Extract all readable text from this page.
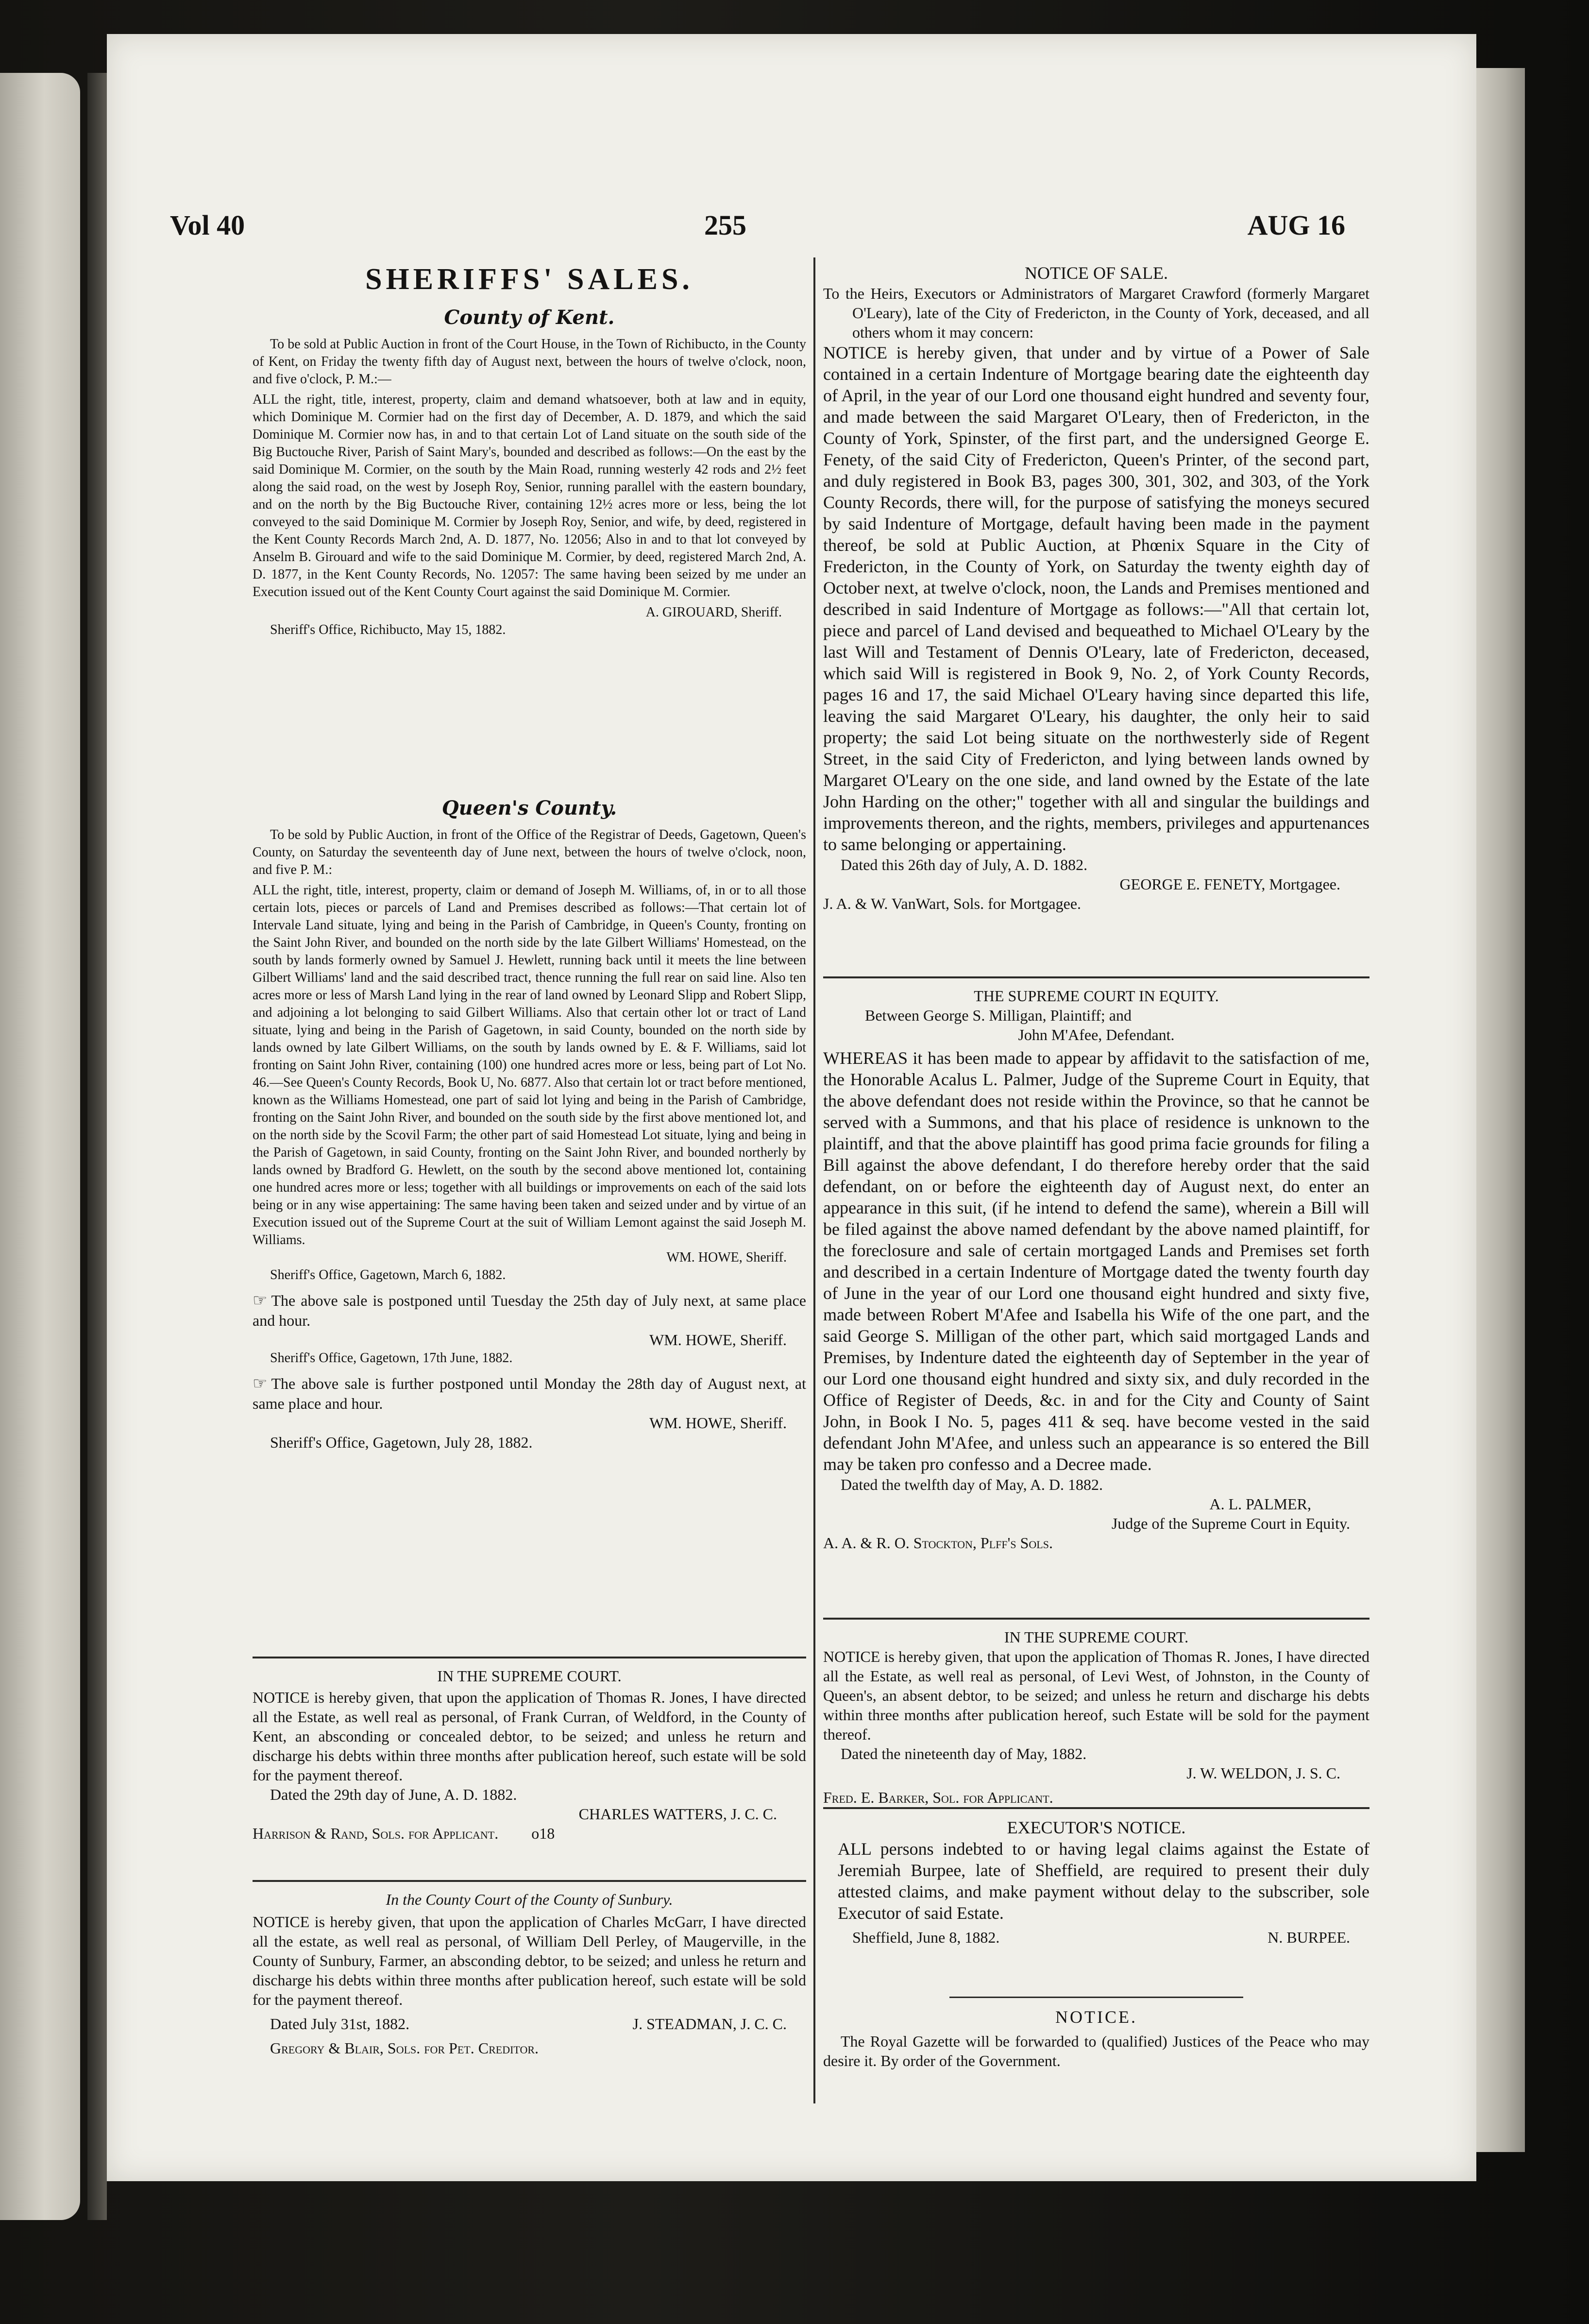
Vol 40	255	AUG 16

SHERIFFS' SALES.

County of Kent.

To be sold at Public Auction in front of the Court House, in the Town of Richibucto, in the County of Kent, on Friday the twenty fifth day of August next, between the hours of twelve o'clock, noon, and five o'clock, P. M.:—

ALL the right, title, interest, property, claim and demand whatsoever, both at law and in equity, which Dominique M. Cormier had on the first day of December, A. D. 1879, and which the said Dominique M. Cormier now has, in and to that certain Lot of Land situate on the south side of the Big Buctouche River, Parish of Saint Mary's, bounded and described as follows:—On the east by the said Dominique M. Cormier, on the south by the Main Road, running westerly 42 rods and 2½ feet along the said road, on the west by Joseph Roy, Senior, running parallel with the eastern boundary, and on the north by the Big Buctouche River, containing 12½ acres more or less, being the lot conveyed to the said Dominique M. Cormier by Joseph Roy, Senior, and wife, by deed, registered in the Kent County Records March 2nd, A. D. 1877, No. 12056; Also in and to that lot conveyed by Anselm B. Girouard and wife to the said Dominique M. Cormier, by deed, registered March 2nd, A. D. 1877, in the Kent County Records, No. 12057: The same having been seized by me under an Execution issued out of the Kent County Court against the said Dominique M. Cormier.

A. GIROUARD, Sheriff.

Sheriff's Office, Richibucto, May 15, 1882.

Queen's County.

To be sold by Public Auction, in front of the Office of the Registrar of Deeds, Gagetown, Queen's County, on Saturday the seventeenth day of June next, between the hours of twelve o'clock, noon, and five P. M.:

ALL the right, title, interest, property, claim or demand of Joseph M. Williams, of, in or to all those certain lots, pieces or parcels of Land and Premises described as follows:—That certain lot of Intervale Land situate, lying and being in the Parish of Cambridge, in Queen's County, fronting on the Saint John River, and bounded on the north side by the late Gilbert Williams' Homestead, on the south by lands formerly owned by Samuel J. Hewlett, running back until it meets the line between Gilbert Williams' land and the said described tract, thence running the full rear on said line. Also ten acres more or less of Marsh Land lying in the rear of land owned by Leonard Slipp and Robert Slipp, and adjoining a lot belonging to said Gilbert Williams. Also that certain other lot or tract of Land situate, lying and being in the Parish of Gagetown, in said County, bounded on the north side by lands owned by late Gilbert Williams, on the south by lands owned by E. & F. Williams, said lot fronting on Saint John River, containing (100) one hundred acres more or less, being part of Lot No. 46.—See Queen's County Records, Book U, No. 6877. Also that certain lot or tract before mentioned, known as the Williams Homestead, one part of said lot lying and being in the Parish of Cambridge, fronting on the Saint John River, and bounded on the south side by the first above mentioned lot, and on the north side by the Scovil Farm; the other part of said Homestead Lot situate, lying and being in the Parish of Gagetown, in said County, fronting on the Saint John River, and bounded northerly by lands owned by Bradford G. Hewlett, on the south by the second above mentioned lot, containing one hundred acres more or less; together with all buildings or improvements on each of the said lots being or in any wise appertaining: The same having been taken and seized under and by virtue of an Execution issued out of the Supreme Court at the suit of William Lemont against the said Joseph M. Williams.

WM. HOWE, Sheriff.

Sheriff's Office, Gagetown, March 6, 1882.

☞ The above sale is postponed until Tuesday the 25th day of July next, at same place and hour.

WM. HOWE, Sheriff.

Sheriff's Office, Gagetown, 17th June, 1882.

☞ The above sale is further postponed until Monday the 28th day of August next, at same place and hour.

WM. HOWE, Sheriff.

Sheriff's Office, Gagetown, July 28, 1882.

IN THE SUPREME COURT.

NOTICE is hereby given, that upon the application of Thomas R. Jones, I have directed all the Estate, as well real as personal, of Frank Curran, of Weldford, in the County of Kent, an absconding or concealed debtor, to be seized; and unless he return and discharge his debts within three months after publication hereof, such estate will be sold for the payment thereof.

Dated the 29th day of June, A. D. 1882.

CHARLES WATTERS, J. C. C.

Harrison & Rand, Sols. for Applicant. o18

In the County Court of the County of Sunbury.

NOTICE is hereby given, that upon the application of Charles McGarr, I have directed all the estate, as well real as personal, of William Dell Perley, of Maugerville, in the County of Sunbury, Farmer, an absconding debtor, to be seized; and unless he return and discharge his debts within three months after publication hereof, such estate will be sold for the payment thereof.

Dated July 31st, 1882.	J. STEADMAN, J. C. C.

Gregory & Blair, Sols. for Pet. Creditor.

NOTICE OF SALE.

To the Heirs, Executors or Administrators of Margaret Crawford (formerly Margaret O'Leary), late of the City of Fredericton, in the County of York, deceased, and all others whom it may concern:

NOTICE is hereby given, that under and by virtue of a Power of Sale contained in a certain Indenture of Mortgage bearing date the eighteenth day of April, in the year of our Lord one thousand eight hundred and seventy four, and made between the said Margaret O'Leary, then of Fredericton, in the County of York, Spinster, of the first part, and the undersigned George E. Fenety, of the said City of Fredericton, Queen's Printer, of the second part, and duly registered in Book B3, pages 300, 301, 302, and 303, of the York County Records, there will, for the purpose of satisfying the moneys secured by said Indenture of Mortgage, default having been made in the payment thereof, be sold at Public Auction, at Phœnix Square in the City of Fredericton, in the County of York, on Saturday the twenty eighth day of October next, at twelve o'clock, noon, the Lands and Premises mentioned and described in said Indenture of Mortgage as follows:—"All that certain lot, piece and parcel of Land devised and bequeathed to Michael O'Leary by the last Will and Testament of Dennis O'Leary, late of Fredericton, deceased, which said Will is registered in Book 9, No. 2, of York County Records, pages 16 and 17, the said Michael O'Leary having since departed this life, leaving the said Margaret O'Leary, his daughter, the only heir to said property; the said Lot being situate on the northwesterly side of Regent Street, in the said City of Fredericton, and lying between lands owned by Margaret O'Leary on the one side, and land owned by the Estate of the late John Harding on the other;" together with all and singular the buildings and improvements thereon, and the rights, members, privileges and appurtenances to same belonging or appertaining.

Dated this 26th day of July, A. D. 1882.

GEORGE E. FENETY, Mortgagee.

J. A. & W. VanWart, Sols. for Mortgagee.

THE SUPREME COURT IN EQUITY.

Between George S. Milligan, Plaintiff; and

John M'Afee, Defendant.

WHEREAS it has been made to appear by affidavit to the satisfaction of me, the Honorable Acalus L. Palmer, Judge of the Supreme Court in Equity, that the above defendant does not reside within the Province, so that he cannot be served with a Summons, and that his place of residence is unknown to the plaintiff, and that the above plaintiff has good prima facie grounds for filing a Bill against the above defendant, I do therefore hereby order that the said defendant, on or before the eighteenth day of August next, do enter an appearance in this suit, (if he intend to defend the same), wherein a Bill will be filed against the above named defendant by the above named plaintiff, for the foreclosure and sale of certain mortgaged Lands and Premises set forth and described in a certain Indenture of Mortgage dated the twenty fourth day of June in the year of our Lord one thousand eight hundred and sixty five, made between Robert M'Afee and Isabella his Wife of the one part, and the said George S. Milligan of the other part, which said mortgaged Lands and Premises, by Indenture dated the eighteenth day of September in the year of our Lord one thousand eight hundred and sixty six, and duly recorded in the Office of Register of Deeds, &c. in and for the City and County of Saint John, in Book I No. 5, pages 411 & seq. have become vested in the said defendant John M'Afee, and unless such an appearance is so entered the Bill may be taken pro confesso and a Decree made.

Dated the twelfth day of May, A. D. 1882.

A. L. PALMER,

Judge of the Supreme Court in Equity.

A. A. & R. O. Stockton, Plff's Sols.

IN THE SUPREME COURT.

NOTICE is hereby given, that upon the application of Thomas R. Jones, I have directed all the Estate, as well real as personal, of Levi West, of Johnston, in the County of Queen's, an absent debtor, to be seized; and unless he return and discharge his debts within three months after publication hereof, such Estate will be sold for the payment thereof.

Dated the nineteenth day of May, 1882.

J. W. WELDON, J. S. C.

Fred. E. Barker, Sol. for Applicant.

EXECUTOR'S NOTICE.

ALL persons indebted to or having legal claims against the Estate of Jeremiah Burpee, late of Sheffield, are required to present their duly attested claims, and make payment without delay to the subscriber, sole Executor of said Estate.

Sheffield, June 8, 1882.	N. BURPEE.

NOTICE.

The Royal Gazette will be forwarded to (qualified) Justices of the Peace who may desire it. By order of the Government.
